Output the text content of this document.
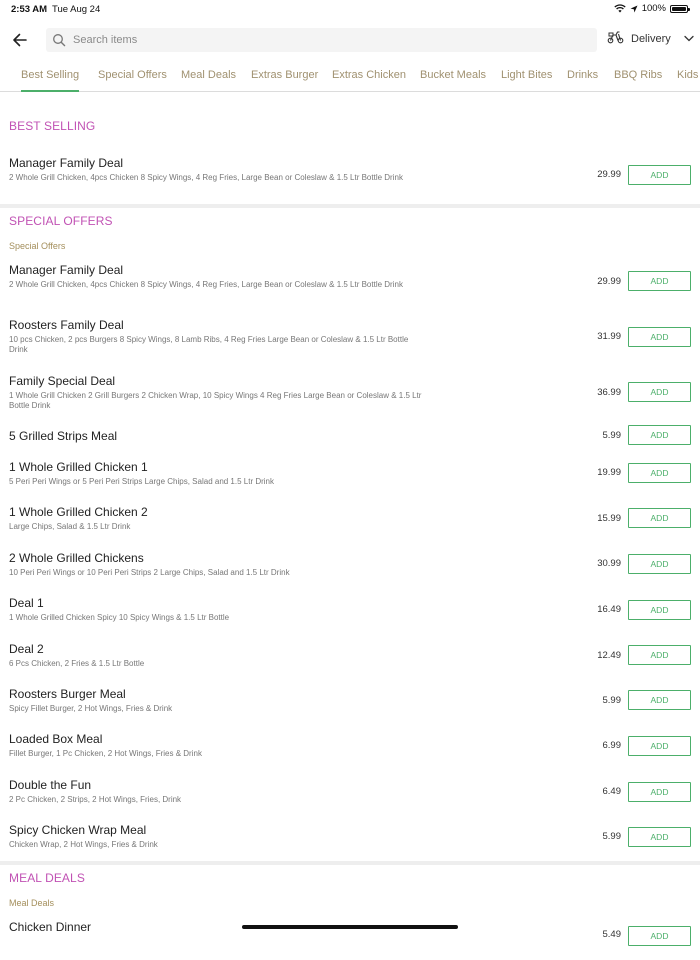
2:53 AM Tue Aug 24	100%
Search items
Delivery
Best Selling Special Offers Meal Deals Extras Burger Extras Chicken Bucket Meals Light Bites Drinks BBQ Ribs Kids
BEST SELLING
Manager Family Deal
2 Whole Grill Chicken, 4pcs Chicken 8 Spicy Wings, 4 Reg Fries, Large Bean or Coleslaw & 1.5 Ltr Bottle Drink	29.99	ADD
SPECIAL OFFERS
Special Offers
Manager Family Deal
2 Whole Grill Chicken, 4pcs Chicken 8 Spicy Wings, 4 Reg Fries, Large Bean or Coleslaw & 1.5 Ltr Bottle Drink	29.99	ADD
Roosters Family Deal
10 pcs Chicken, 2 pcs Burgers 8 Spicy Wings, 8 Lamb Ribs, 4 Reg Fries Large Bean or Coleslaw & 1.5 Ltr Bottle Drink
31.99	ADD
Family Special Deal
1 Whole Grill Chicken 2 Grill Burgers 2 Chicken Wrap, 10 Spicy Wings 4 Reg Fries Large Bean or Coleslaw & 1.5 Ltr Bottle Drink
36.99	ADD
5 Grilled Strips Meal	5.99	ADD
1 Whole Grilled Chicken 1
5 Peri Peri Wings or 5 Peri Peri Strips Large Chips, Salad and 1.5 Ltr Drink
19.99	ADD
1 Whole Grilled Chicken 2
Large Chips, Salad & 1.5 Ltr Drink
15.99	ADD
2 Whole Grilled Chickens
10 Peri Peri Wings or 10 Peri Peri Strips 2 Large Chips, Salad and 1.5 Ltr Drink
30.99	ADD
Deal 1
1 Whole Grilled Chicken Spicy 10 Spicy Wings & 1.5 Ltr Bottle
16.49	ADD
Deal 2
6 Pcs Chicken, 2 Fries & 1.5 Ltr Bottle
12.49	ADD
Roosters Burger Meal
Spicy Fillet Burger, 2 Hot Wings, Fries & Drink
5.99	ADD
Loaded Box Meal
Fillet Burger, 1 Pc Chicken, 2 Hot Wings, Fries & Drink
6.99	ADD
Double the Fun
2 Pc Chicken, 2 Strips, 2 Hot Wings, Fries, Drink
6.49	ADD
Spicy Chicken Wrap Meal
Chicken Wrap, 2 Hot Wings, Fries & Drink
5.99	ADD
MEAL DEALS
Meal Deals
Chicken Dinner
5.49	ADD
